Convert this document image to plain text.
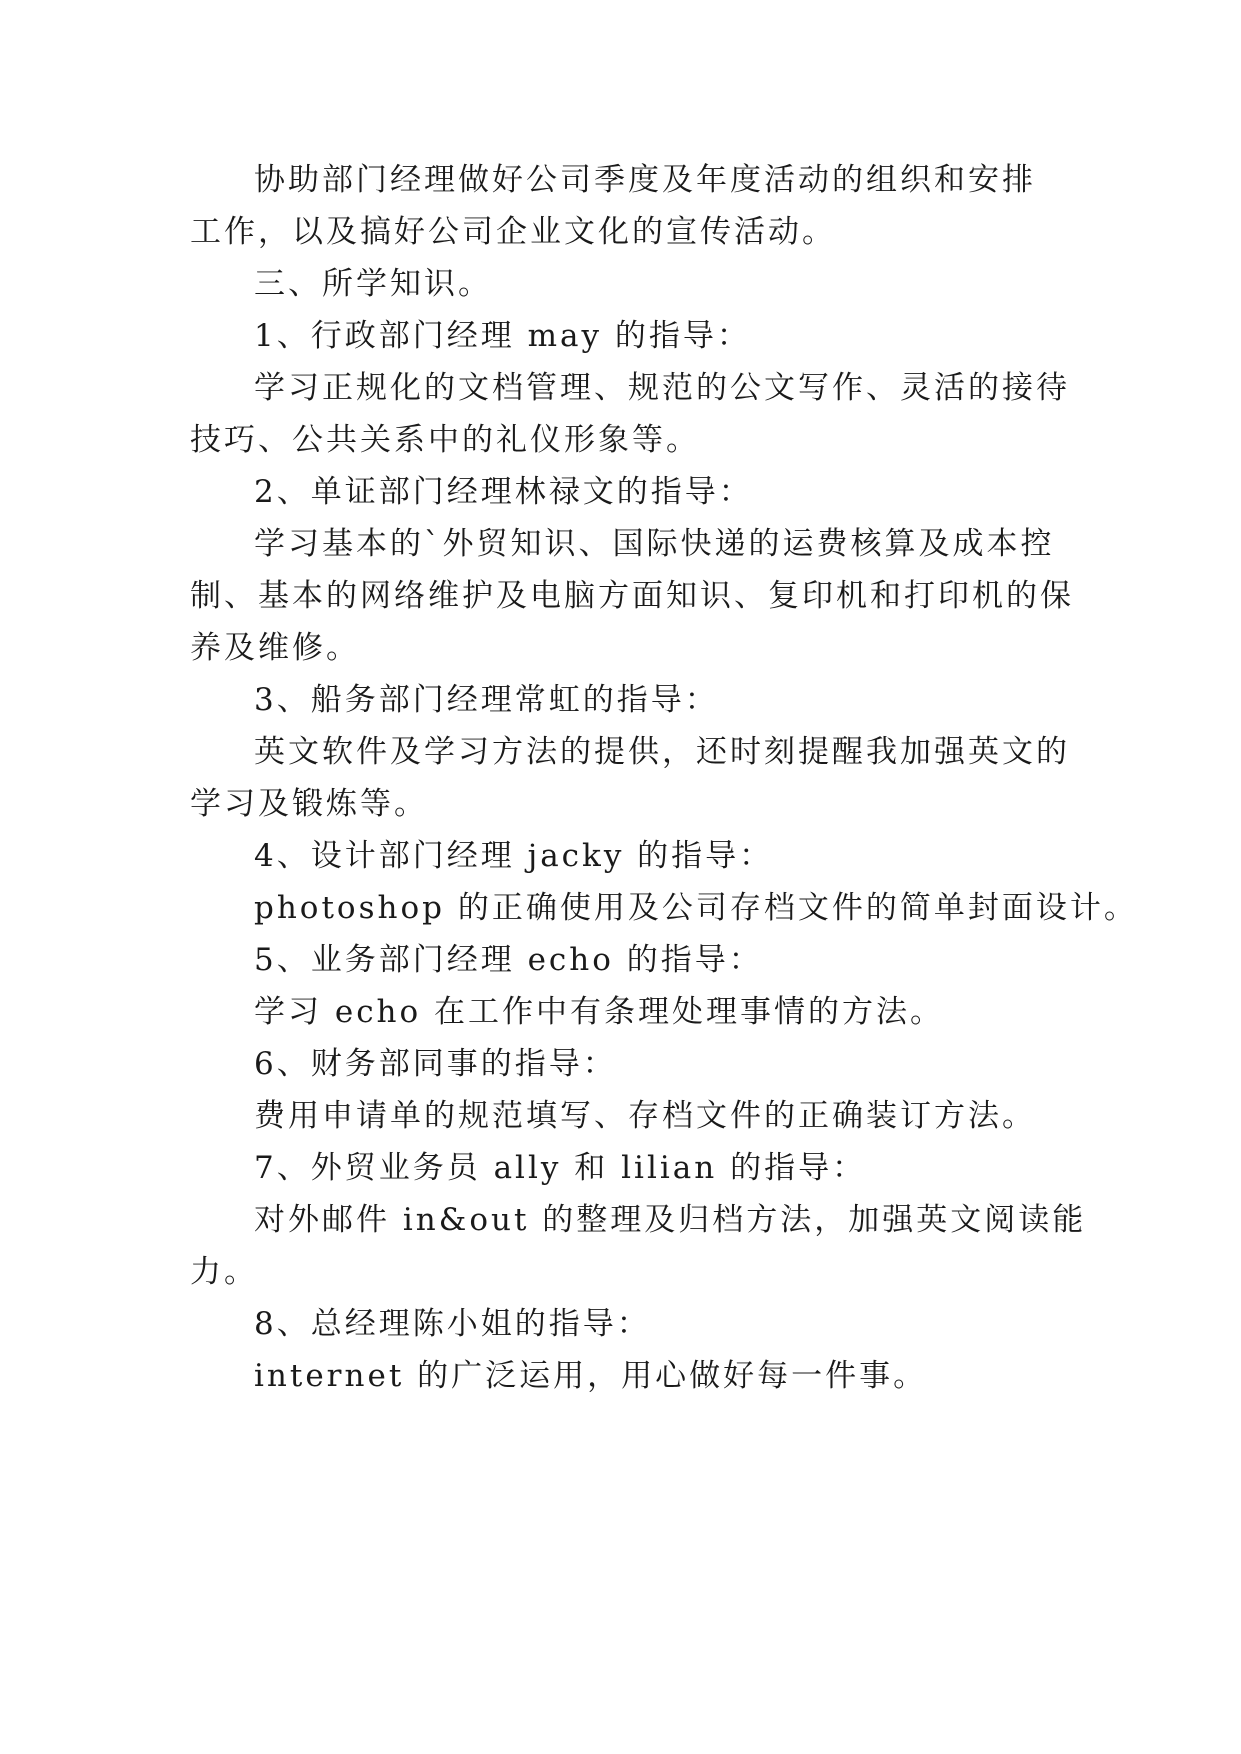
协助部门经理做好公司季度及年度活动的组织和安排
工作，以及搞好公司企业文化的宣传活动。
三、所学知识。
1、行政部门经理 may 的指导：
学习正规化的文档管理、规范的公文写作、灵活的接待
技巧、公共关系中的礼仪形象等。
2、单证部门经理林禄文的指导：
学习基本的`外贸知识、国际快递的运费核算及成本控
制、基本的网络维护及电脑方面知识、复印机和打印机的保
养及维修。
3、船务部门经理常虹的指导：
英文软件及学习方法的提供，还时刻提醒我加强英文的
学习及锻炼等。
4、设计部门经理 jacky 的指导：
photoshop 的正确使用及公司存档文件的简单封面设计。
5、业务部门经理 echo 的指导：
学习 echo 在工作中有条理处理事情的方法。
6、财务部同事的指导：
费用申请单的规范填写、存档文件的正确装订方法。
7、外贸业务员 ally 和 lilian 的指导：
对外邮件 in&out 的整理及归档方法，加强英文阅读能
力。
8、总经理陈小姐的指导：
internet 的广泛运用，用心做好每一件事。
